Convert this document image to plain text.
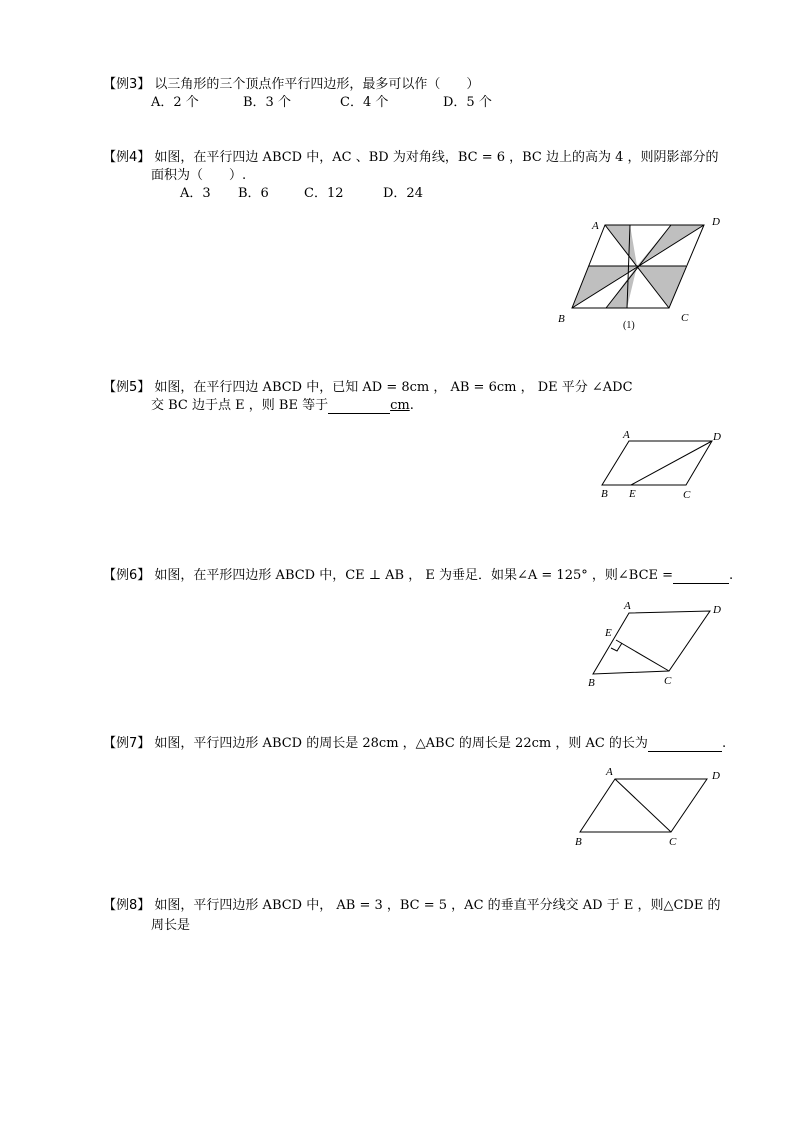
【例3】 以三角形的三个顶点作平行四边形，最多可以作（　　）
A．2 个	B．3 个	C．4 个	D．5 个
【例4】 如图，在平行四边 ABCD 中，AC 、BD 为对角线，BC = 6 ，BC 边上的高为 4 ，则阴影部分的
面积为（　　）.
A．3 B．6	C．12	D．24
A	D
B	C
(1)
【例5】 如图，在平行四边 ABCD 中，已知 AD = 8cm ， AB = 6cm ， DE 平分 ∠ADC
交 BC 边于点 E ，则 BE 等于	cm.
A	D
B E	C
【例6】 如图，在平形四边形 ABCD 中，CE ⊥ AB ， E 为垂足．如果∠A = 125° ，则∠BCE =	.
A	D
E
B	C
【例7】 如图，平行四边形 ABCD 的周长是 28cm ，△ABC 的周长是 22cm ，则 AC 的长为	.
A	D
B	C
【例8】 如图，平行四边形 ABCD 中， AB = 3 ，BC = 5 ，AC 的垂直平分线交 AD 于 E ，则△CDE 的
周长是
